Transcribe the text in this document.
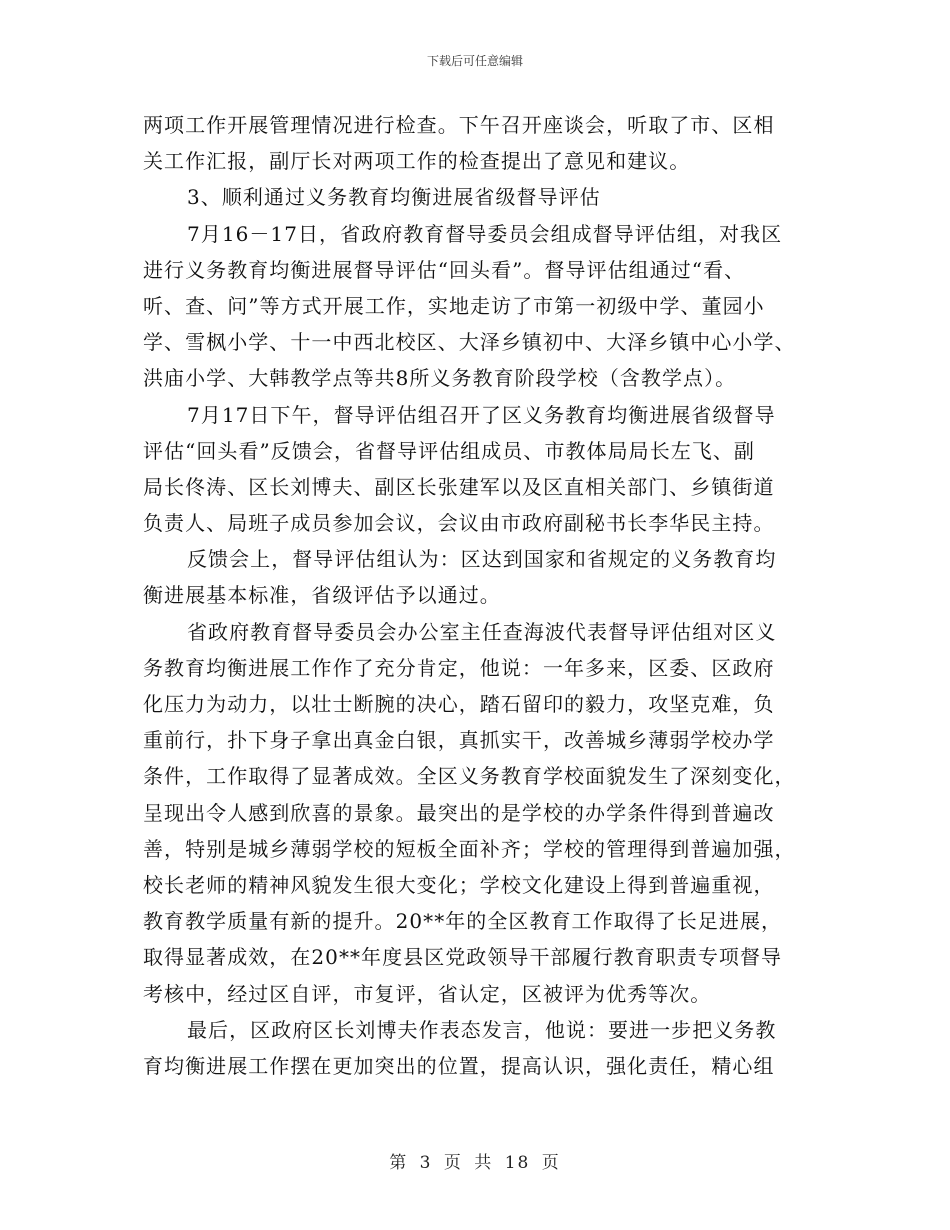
下载后可任意编辑
两项工作开展管理情况进行检查。下午召开座谈会，听取了市、区相
关工作汇报，副厅长对两项工作的检查提出了意见和建议。
3、顺利通过义务教育均衡进展省级督导评估
7月16－17日，省政府教育督导委员会组成督导评估组，对我区
进行义务教育均衡进展督导评估“回头看”。督导评估组通过“看、
听、查、问”等方式开展工作，实地走访了市第一初级中学、董园小
学、雪枫小学、十一中西北校区、大泽乡镇初中、大泽乡镇中心小学、
洪庙小学、大韩教学点等共8所义务教育阶段学校（含教学点）。
7月17日下午，督导评估组召开了区义务教育均衡进展省级督导
评估“回头看”反馈会，省督导评估组成员、市教体局局长左飞、副
局长佟涛、区长刘博夫、副区长张建军以及区直相关部门、乡镇街道
负责人、局班子成员参加会议，会议由市政府副秘书长李华民主持。
反馈会上，督导评估组认为：区达到国家和省规定的义务教育均
衡进展基本标准，省级评估予以通过。
省政府教育督导委员会办公室主任查海波代表督导评估组对区义
务教育均衡进展工作作了充分肯定，他说：一年多来，区委、区政府
化压力为动力，以壮士断腕的决心，踏石留印的毅力，攻坚克难，负
重前行，扑下身子拿出真金白银，真抓实干，改善城乡薄弱学校办学
条件，工作取得了显著成效。全区义务教育学校面貌发生了深刻变化，
呈现出令人感到欣喜的景象。最突出的是学校的办学条件得到普遍改
善，特别是城乡薄弱学校的短板全面补齐；学校的管理得到普遍加强，
校长老师的精神风貌发生很大变化；学校文化建设上得到普遍重视，
教育教学质量有新的提升。20**年的全区教育工作取得了长足进展，
取得显著成效，在20**年度县区党政领导干部履行教育职责专项督导
考核中，经过区自评，市复评，省认定，区被评为优秀等次。
最后，区政府区长刘博夫作表态发言，他说：要进一步把义务教
育均衡进展工作摆在更加突出的位置，提高认识，强化责任，精心组
第 3 页 共 18 页
